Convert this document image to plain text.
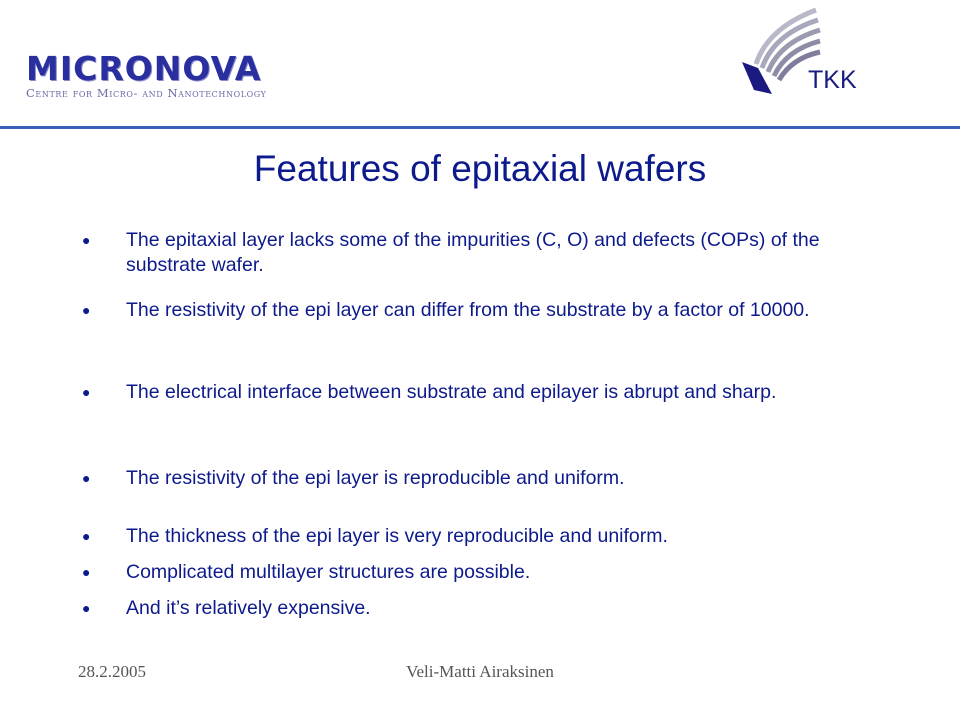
MICRONOVA
Centre for Micro- and Nanotechnology	TKK
Features of epitaxial wafers
● The epitaxial layer lacks some of the impurities (C, O) and defects (COPs) of the substrate wafer.
● The resistivity of the epi layer can differ from the substrate by a factor of 10000.
● The electrical interface between substrate and epilayer is abrupt and sharp.
● The resistivity of the epi layer is reproducible and uniform.
● The thickness of the epi layer is very reproducible and uniform.
● Complicated multilayer structures are possible.
● And it’s relatively expensive.
28.2.2005	Veli-Matti Airaksinen
